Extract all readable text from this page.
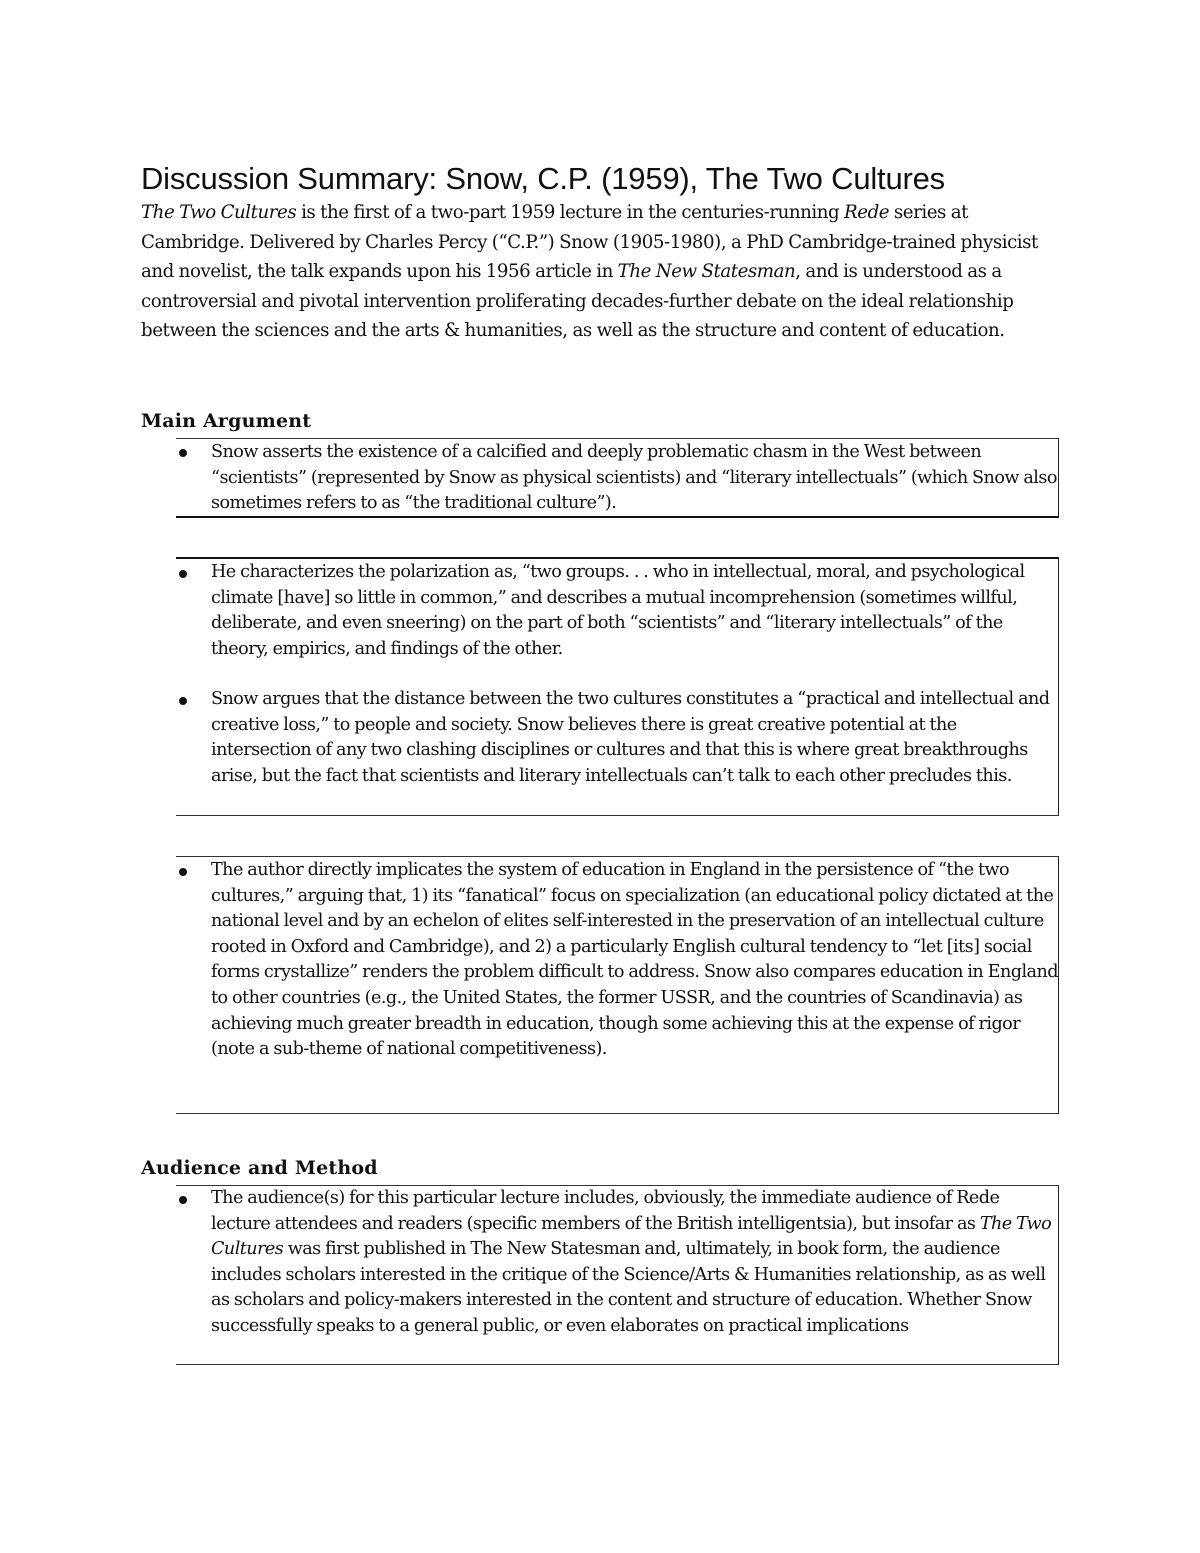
Discussion Summary: Snow, C.P. (1959), The Two Cultures
The Two Cultures is the first of a two-part 1959 lecture in the centuries-running Rede series at Cambridge. Delivered by Charles Percy (“C.P.”) Snow (1905-1980), a PhD Cambridge-trained physicist and novelist, the talk expands upon his 1956 article in The New Statesman, and is understood as a controversial and pivotal intervention proliferating decades-further debate on the ideal relationship between the sciences and the arts & humanities, as well as the structure and content of education.
Main Argument
Snow asserts the existence of a calcified and deeply problematic chasm in the West between “scientists” (represented by Snow as physical scientists) and “literary intellectuals” (which Snow also sometimes refers to as “the traditional culture”).
He characterizes the polarization as, “two groups. . . who in intellectual, moral, and psychological climate [have] so little in common,” and describes a mutual incomprehension (sometimes willful, deliberate, and even sneering) on the part of both “scientists” and “literary intellectuals” of the theory, empirics, and findings of the other.
Snow argues that the distance between the two cultures constitutes a “practical and intellectual and creative loss,” to people and society. Snow believes there is great creative potential at the intersection of any two clashing disciplines or cultures and that this is where great breakthroughs arise, but the fact that scientists and literary intellectuals can’t talk to each other precludes this.
The author directly implicates the system of education in England in the persistence of “the two cultures,” arguing that, 1) its “fanatical” focus on specialization (an educational policy dictated at the national level and by an echelon of elites self-interested in the preservation of an intellectual culture rooted in Oxford and Cambridge), and 2) a particularly English cultural tendency to “let [its] social forms crystallize” renders the problem difficult to address. Snow also compares education in England to other countries (e.g., the United States, the former USSR, and the countries of Scandinavia) as achieving much greater breadth in education, though some achieving this at the expense of rigor (note a sub-theme of national competitiveness).
Audience and Method
The audience(s) for this particular lecture includes, obviously, the immediate audience of Rede lecture attendees and readers (specific members of the British intelligentsia), but insofar as The Two Cultures was first published in The New Statesman and, ultimately, in book form, the audience includes scholars interested in the critique of the Science/Arts & Humanities relationship, as as well as scholars and policy-makers interested in the content and structure of education. Whether Snow successfully speaks to a general public, or even elaborates on practical implications
